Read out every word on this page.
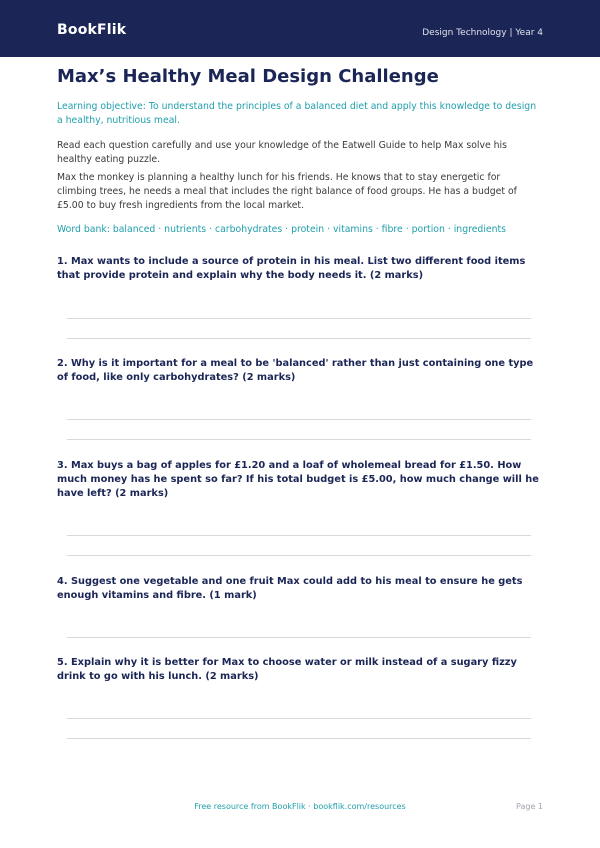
BookFlik	Design Technology | Year 4
Max’s Healthy Meal Design Challenge
Learning objective: To understand the principles of a balanced diet and apply this knowledge to design a healthy, nutritious meal.
Read each question carefully and use your knowledge of the Eatwell Guide to help Max solve his healthy eating puzzle.
Max the monkey is planning a healthy lunch for his friends. He knows that to stay energetic for climbing trees, he needs a meal that includes the right balance of food groups. He has a budget of £5.00 to buy fresh ingredients from the local market.
Word bank: balanced · nutrients · carbohydrates · protein · vitamins · fibre · portion · ingredients
1. Max wants to include a source of protein in his meal. List two different food items that provide protein and explain why the body needs it. (2 marks)
2. Why is it important for a meal to be 'balanced' rather than just containing one type of food, like only carbohydrates? (2 marks)
3. Max buys a bag of apples for £1.20 and a loaf of wholemeal bread for £1.50. How much money has he spent so far? If his total budget is £5.00, how much change will he have left? (2 marks)
4. Suggest one vegetable and one fruit Max could add to his meal to ensure he gets enough vitamins and fibre. (1 mark)
5. Explain why it is better for Max to choose water or milk instead of a sugary fizzy drink to go with his lunch. (2 marks)
Free resource from BookFlik · bookflik.com/resources	Page 1
